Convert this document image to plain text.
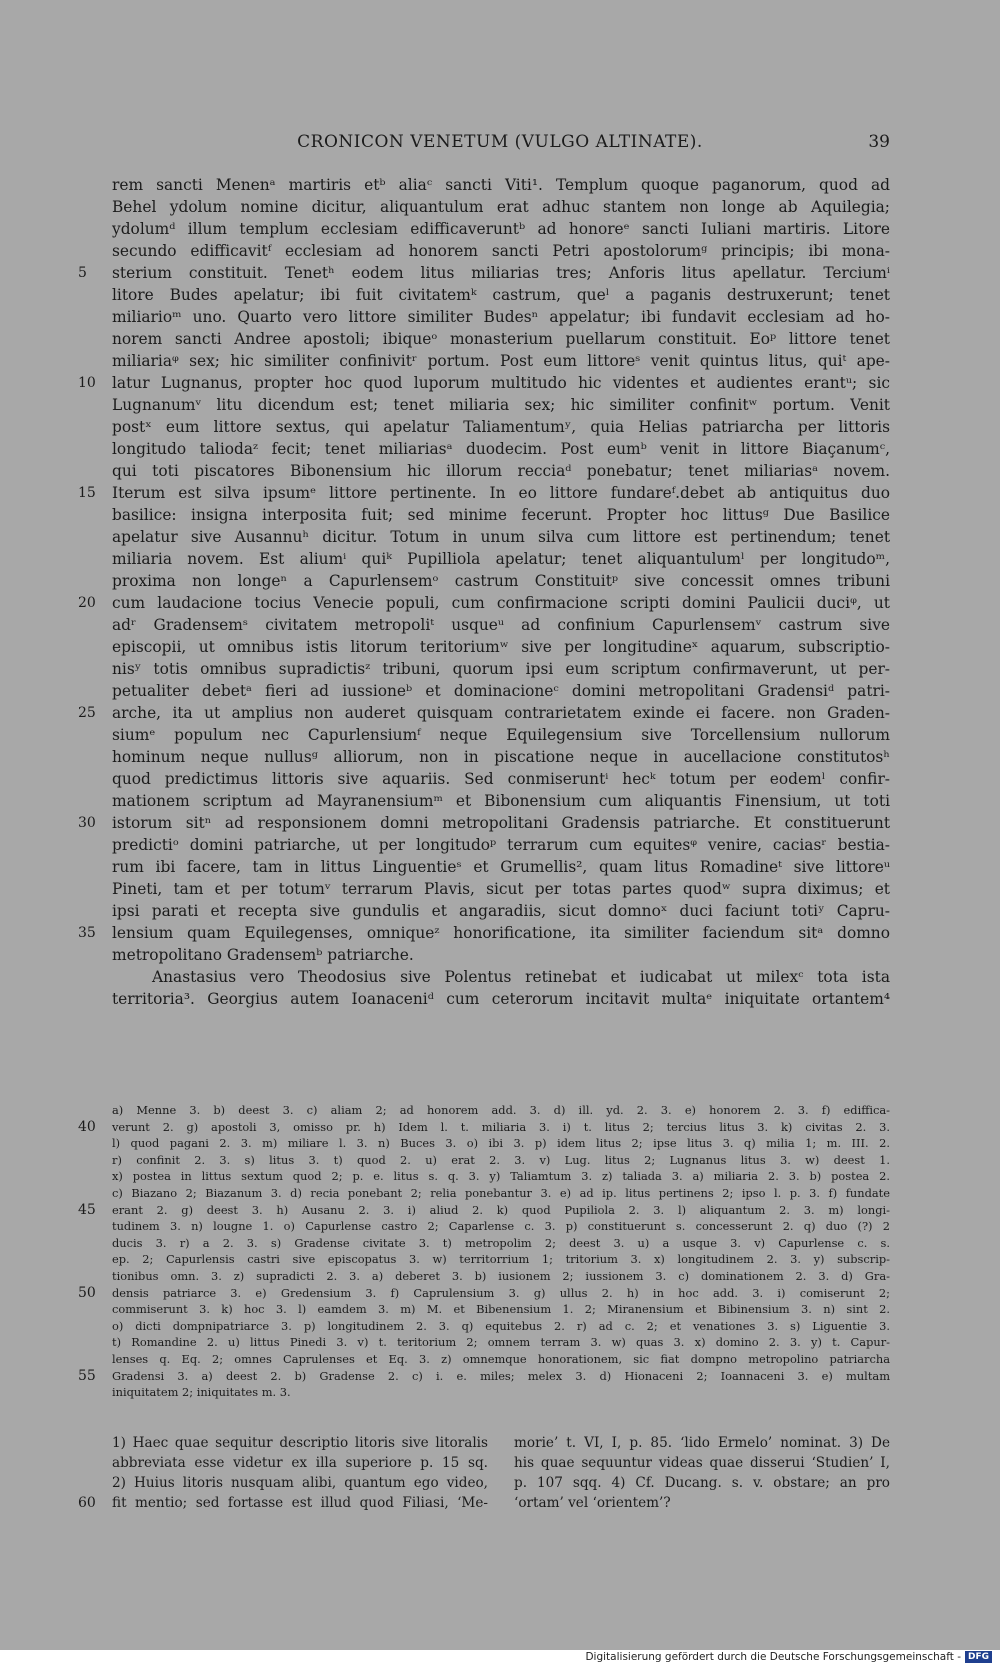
CRONICON VENETUM (VULGO ALTINATE).	39
rem sancti Menenᵃ martiris etᵇ aliaᶜ sancti Viti¹. Templum quoque paganorum, quod ad
Behel ydolum nomine dicitur, aliquantulum erat adhuc stantem non longe ab Aquilegia;
ydolumᵈ illum templum ecclesiam edifficaveruntᵇ ad honoreᵉ sancti Iuliani martiris. Litore
secundo edifficavitᶠ ecclesiam ad honorem sancti Petri apostolorumᵍ principis; ibi mona-
5	sterium constituit. Tenetʰ eodem litus miliarias tres; Anforis litus apellatur. Terciumⁱ
litore Budes apelatur; ibi fuit civitatemᵏ castrum, queˡ a paganis destruxerunt; tenet
miliarioᵐ uno. Quarto vero littore similiter Budesⁿ appelatur; ibi fundavit ecclesiam ad ho-
norem sancti Andree apostoli; ibiqueᵒ monasterium puellarum constituit. Eoᵖ littore tenet
miliariaᵠ sex; hic similiter confinivitʳ portum. Post eum littoreˢ venit quintus litus, quiᵗ ape-
10	latur Lugnanus, propter hoc quod luporum multitudo hic videntes et audientes erantᵘ; sic
Lugnanumᵛ litu dicendum est; tenet miliaria sex; hic similiter confinitʷ portum. Venit
postˣ eum littore sextus, qui apelatur Taliamentumʸ, quia Helias patriarcha per littoris
longitudo taliodaᶻ fecit; tenet miliariasᵃ duodecim. Post eumᵇ venit in littore Biaçanumᶜ,
qui toti piscatores Bibonensium hic illorum recciaᵈ ponebatur; tenet miliariasᵃ novem.
15	Iterum est silva ipsumᵉ littore pertinente. In eo littore fundareᶠ.debet ab antiquitus duo
basilice: insigna interposita fuit; sed minime fecerunt. Propter hoc littusᵍ Due Basilice
apelatur sive Ausannuʰ dicitur. Totum in unum silva cum littore est pertinendum; tenet
miliaria novem. Est aliumⁱ quiᵏ Pupilliola apelatur; tenet aliquantulumˡ per longitudoᵐ,
proxima non longeⁿ a Capurlensemᵒ castrum Constituitᵖ sive concessit omnes tribuni
20	cum laudacione tocius Venecie populi, cum confirmacione scripti domini Paulicii duciᵠ, ut
adʳ Gradensemˢ civitatem metropoliᵗ usqueᵘ ad confinium Capurlensemᵛ castrum sive
episcopii, ut omnibus istis litorum teritoriumʷ sive per longitudineˣ aquarum, subscriptio-
nisʸ totis omnibus supradictisᶻ tribuni, quorum ipsi eum scriptum confirmaverunt, ut per-
petualiter debetᵃ fieri ad iussioneᵇ et dominacioneᶜ domini metropolitani Gradensiᵈ patri-
25	arche, ita ut amplius non auderet quisquam contrarietatem exinde ei facere. non Graden-
siumᵉ populum nec Capurlensiumᶠ neque Equilegensium sive Torcellensium nullorum
hominum neque nullusᵍ alliorum, non in piscatione neque in aucellacione constitutosʰ
quod predictimus littoris sive aquariis. Sed conmiseruntⁱ hecᵏ totum per eodemˡ confir-
mationem scriptum ad Mayranensiumᵐ et Bibonensium cum aliquantis Finensium, ut toti
30	istorum sitⁿ ad responsionem domni metropolitani Gradensis patriarche. Et constituerunt
predictiᵒ domini patriarche, ut per longitudoᵖ terrarum cum equitesᵠ venire, caciasʳ bestia-
rum ibi facere, tam in littus Linguentieˢ et Grumellis², quam litus Romadineᵗ sive littoreᵘ
Pineti, tam et per totumᵛ terrarum Plavis, sicut per totas partes quodʷ supra diximus; et
ipsi parati et recepta sive gundulis et angaradiis, sicut domnoˣ duci faciunt totiʸ Capru-
35	lensium quam Equilegenses, omniqueᶻ honorificatione, ita similiter faciendum sitᵃ domno
metropolitano Gradensemᵇ patriarche.
Anastasius vero Theodosius sive Polentus retinebat et iudicabat ut milexᶜ tota ista
territoria³. Georgius autem Ioanaceniᵈ cum ceterorum incitavit multaᵉ iniquitate ortantem⁴
a) Menne 3. b) deest 3. c) aliam 2; ad honorem add. 3. d) ill. yd. 2. 3. e) honorem 2. 3. f) ediffica-
40	verunt 2. g) apostoli 3, omisso pr. h) Idem l. t. miliaria 3. i) t. litus 2; tercius litus 3. k) civitas 2. 3.
l) quod pagani 2. 3. m) miliare l. 3. n) Buces 3. o) ibi 3. p) idem litus 2; ipse litus 3. q) milia 1; m. III. 2.
r) confinit 2. 3. s) litus 3. t) quod 2. u) erat 2. 3. v) Lug. litus 2; Lugnanus litus 3. w) deest 1.
x) postea in littus sextum quod 2; p. e. litus s. q. 3. y) Taliamtum 3. z) taliada 3. a) miliaria 2. 3. b) postea 2.
c) Biazano 2; Biazanum 3. d) recia ponebant 2; relia ponebantur 3. e) ad ip. litus pertinens 2; ipso l. p. 3. f) fundate
45	erant 2. g) deest 3. h) Ausanu 2. 3. i) aliud 2. k) quod Pupiliola 2. 3. l) aliquantum 2. 3. m) longi-
tudinem 3. n) lougne 1. o) Capurlense castro 2; Caparlense c. 3. p) constituerunt s. concesserunt 2. q) duo (?) 2
ducis 3. r) a 2. 3. s) Gradense civitate 3. t) metropolim 2; deest 3. u) a usque 3. v) Capurlense c. s.
ep. 2; Capurlensis castri sive episcopatus 3. w) territorrium 1; tritorium 3. x) longitudinem 2. 3. y) subscrip-
tionibus omn. 3. z) supradicti 2. 3. a) deberet 3. b) iusionem 2; iussionem 3. c) dominationem 2. 3. d) Gra-
50	densis patriarce 3. e) Gredensium 3. f) Caprulensium 3. g) ullus 2. h) in hoc add. 3. i) comiserunt 2;
commiserunt 3. k) hoc 3. l) eamdem 3. m) M. et Bibenensium 1. 2; Miranensium et Bibinensium 3. n) sint 2.
o) dicti dompnipatriarce 3. p) longitudinem 2. 3. q) equitebus 2. r) ad c. 2; et venationes 3. s) Liguentie 3.
t) Romandine 2. u) littus Pinedi 3. v) t. teritorium 2; omnem terram 3. w) quas 3. x) domino 2. 3. y) t. Capur-
lenses q. Eq. 2; omnes Caprulenses et Eq. 3. z) omnemque honorationem, sic fiat dompno metropolino patriarcha
55	Gradensi 3. a) deest 2. b) Gradense 2. c) i. e. miles; melex 3. d) Hionaceni 2; Ioannaceni 3. e) multam
iniquitatem 2; iniquitates m. 3.
1) Haec quae sequitur descriptio litoris sive litoralis
abbreviata esse videtur ex illa superiore p. 15 sq.
2) Huius litoris nusquam alibi, quantum ego video,
60	fit mentio; sed fortasse est illud quod Filiasi, ‘Me-
morie’ t. VI, I, p. 85. ‘lido Ermelo’ nominat. 3) De
his quae sequuntur videas quae disserui ‘Studien’ I,
p. 107 sqq. 4) Cf. Ducang. s. v. obstare; an pro
‘ortam’ vel ‘orientem’?
Digitalisierung gefördert durch die Deutsche Forschungsgemeinschaft - DFG
